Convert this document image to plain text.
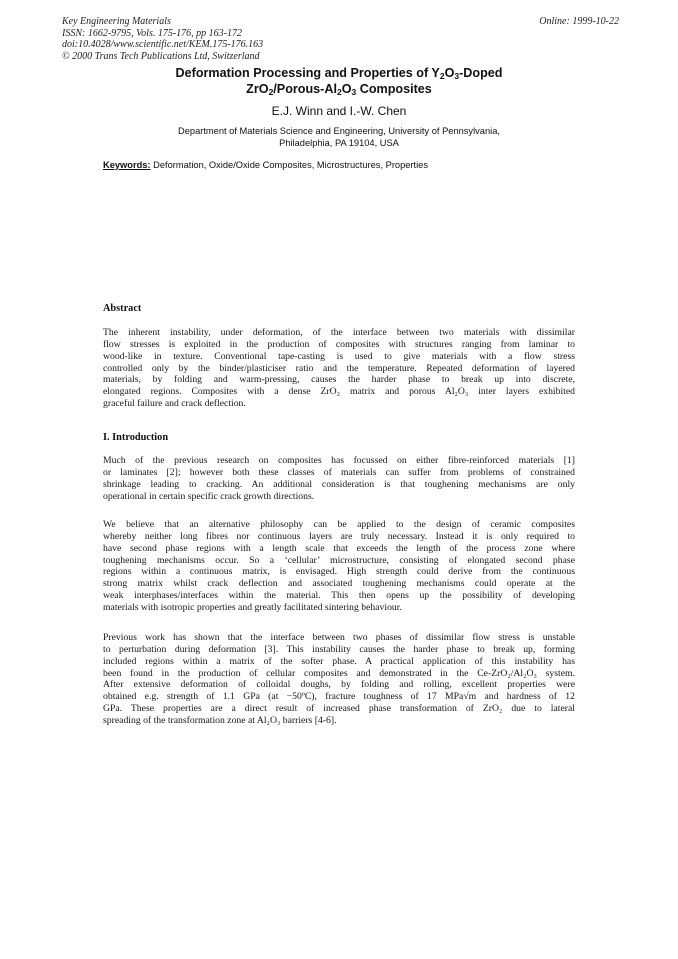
Key Engineering Materials
ISSN: 1662-9795, Vols. 175-176, pp 163-172
doi:10.4028/www.scientific.net/KEM.175-176.163
© 2000 Trans Tech Publications Ltd, Switzerland
Online: 1999-10-22
Deformation Processing and Properties of $Y_2O_3$-Doped
$ZrO_2/Porous-Al_2O_3$ Composites
E.J. Winn and I.-W. Chen
Department of Materials Science and Engineering, University of Pennsylvania,
Philadelphia, PA 19104, USA
Keywords: Deformation, Oxide/Oxide Composites, Microstructures, Properties
Abstract
The inherent instability, under deformation, of the interface between two materials with dissimilar
flow stresses is exploited in the production of composites with structures ranging from laminar to
wood-like in texture. Conventional tape-casting is used to give materials with a flow stress
controlled only by the binder/plasticiser ratio and the temperature. Repeated deformation of layered
materials, by folding and warm-pressing, causes the harder phase to break up into discrete,
elongated regions. Composites with a dense ZrO₂ matrix and porous Al₂O₃ inter layers exhibited
graceful failure and crack deflection.
I. Introduction
Much of the previous research on composites has focussed on either fibre-reinforced materials [1]
or laminates [2]; however both these classes of materials can suffer from problems of constrained
shrinkage leading to cracking. An additional consideration is that toughening mechanisms are only
operational in certain specific crack growth directions.
We believe that an alternative philosophy can be applied to the design of ceramic composites
whereby neither long fibres nor continuous layers are truly necessary. Instead it is only required to
have second phase regions with a length scale that exceeds the length of the process zone where
toughening mechanisms occur. So a ‘cellular’ microstructure, consisting of elongated second phase
regions within a continuous matrix, is envisaged. High strength could derive from the continuous
strong matrix whilst crack deflection and associated toughening mechanisms could operate at the
weak interphases/interfaces within the material. This then opens up the possibility of developing
materials with isotropic properties and greatly facilitated sintering behaviour.
Previous work has shown that the interface between two phases of dissimilar flow stress is unstable
to perturbation during deformation [3]. This instability causes the harder phase to break up, forming
included regions within a matrix of the softer phase. A practical application of this instability has
been found in the production of cellular composites and demonstrated in the Ce-ZrO₂/Al₂O₃ system.
After extensive deformation of colloidal doughs, by folding and rolling, excellent properties were
obtained e.g. strength of 1.1 GPa (at −50ºC), fracture toughness of 17 MPa√m and hardness of 12
GPa. These properties are a direct result of increased phase transformation of ZrO₂ due to lateral
spreading of the transformation zone at Al₂O₃ barriers [4-6].
